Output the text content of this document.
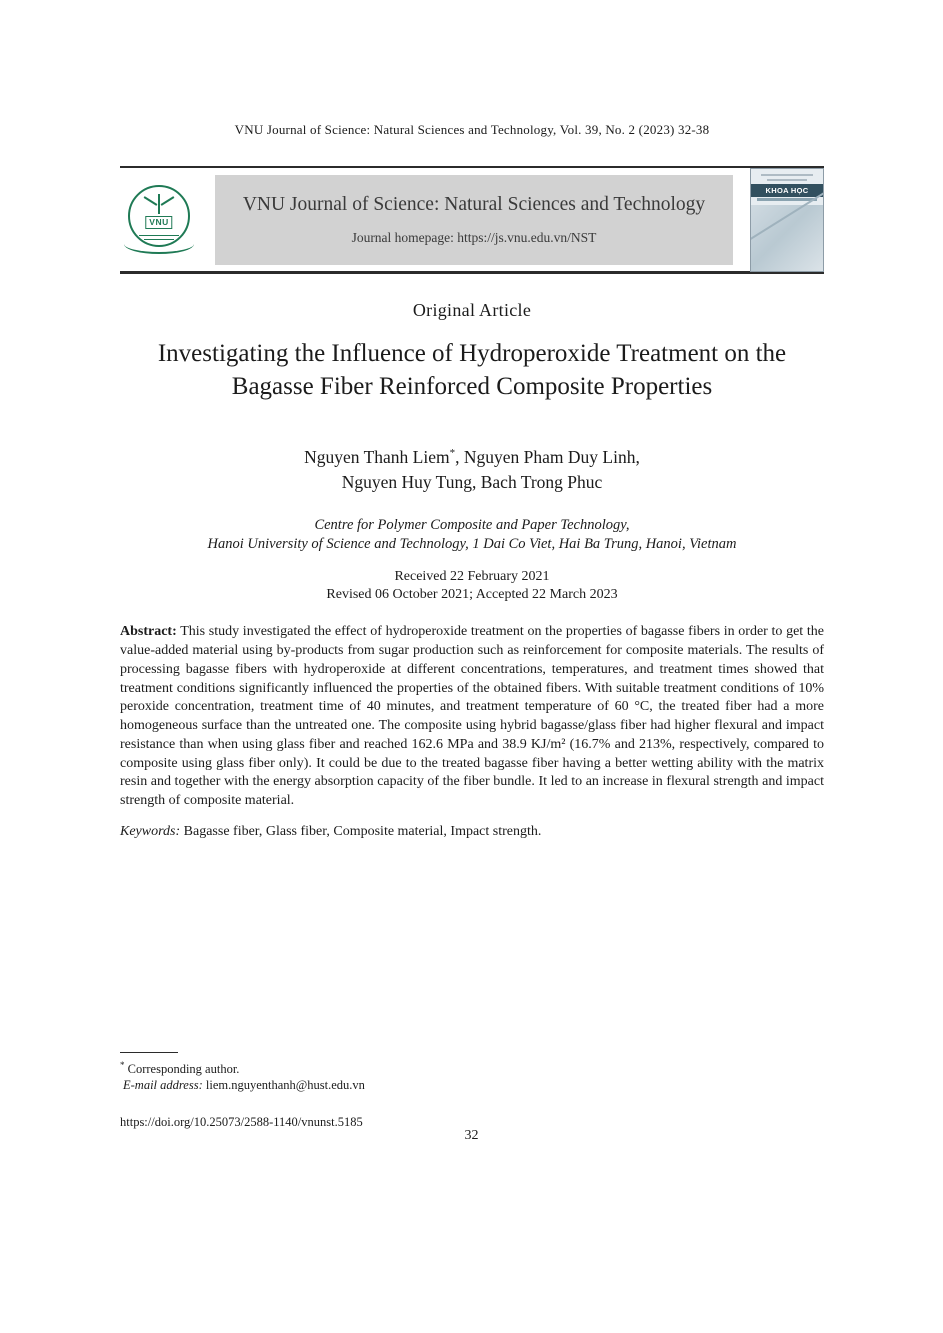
VNU Journal of Science: Natural Sciences and Technology, Vol. 39, No. 2 (2023) 32-38
VNU
VNU Journal of Science: Natural Sciences and Technology
Journal homepage: https://js.vnu.edu.vn/NST
KHOA HỌC
Original Article
Investigating the Influence of Hydroperoxide Treatment on the Bagasse Fiber Reinforced Composite Properties
Nguyen Thanh Liem*, Nguyen Pham Duy Linh,
Nguyen Huy Tung, Bach Trong Phuc
Centre for Polymer Composite and Paper Technology,
Hanoi University of Science and Technology, 1 Dai Co Viet, Hai Ba Trung, Hanoi, Vietnam
Received 22 February 2021
Revised 06 October 2021; Accepted 22 March 2023

Abstract: This study investigated the effect of hydroperoxide treatment on the properties of bagasse fibers in order to get the value-added material using by-products from sugar production such as reinforcement for composite materials. The results of processing bagasse fibers with hydroperoxide at different concentrations, temperatures, and treatment times showed that treatment conditions significantly influenced the properties of the obtained fibers. With suitable treatment conditions of 10% peroxide concentration, treatment time of 40 minutes, and treatment temperature of 60 °C, the treated fiber had a more homogeneous surface than the untreated one. The composite using hybrid bagasse/glass fiber had higher flexural and impact resistance than when using glass fiber and reached 162.6 MPa and 38.9 KJ/m² (16.7% and 213%, respectively, compared to composite using glass fiber only). It could be due to the treated bagasse fiber having a better wetting ability with the matrix resin and together with the energy absorption capacity of the fiber bundle. It led to an increase in flexural strength and impact strength of composite material.

Keywords: Bagasse fiber, Glass fiber, Composite material, Impact strength.

* Corresponding author.
E-mail address: liem.nguyenthanh@hust.edu.vn
https://doi.org/10.25073/2588-1140/vnunst.5185
32
